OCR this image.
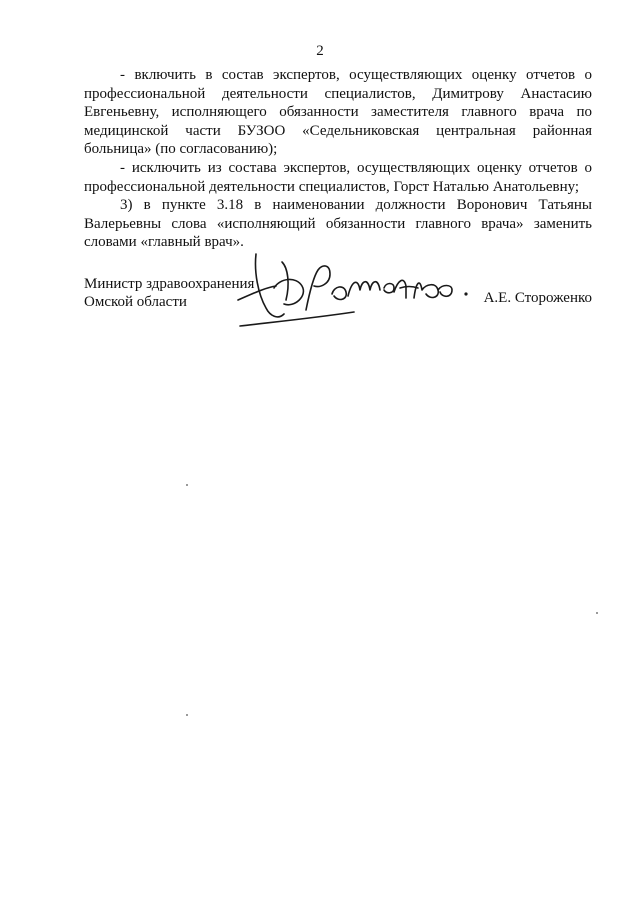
2

- включить в состав экспертов, осуществляющих оценку отчетов о профессиональной деятельности специалистов, Димитрову Анастасию Евгеньевну, исполняющего обязанности заместителя главного врача по медицинской части БУЗОО «Седельниковская центральная районная больница» (по согласованию);

- исключить из состава экспертов, осуществляющих оценку отчетов о профессиональной деятельности специалистов, Горст Наталью Анатольевну;

3) в пункте 3.18 в наименовании должности Воронович Татьяны Валерьевны слова «исполняющий обязанности главного врача» заменить словами «главный врач».

Министр здравоохранения
Омской области	А.Е. Стороженко
